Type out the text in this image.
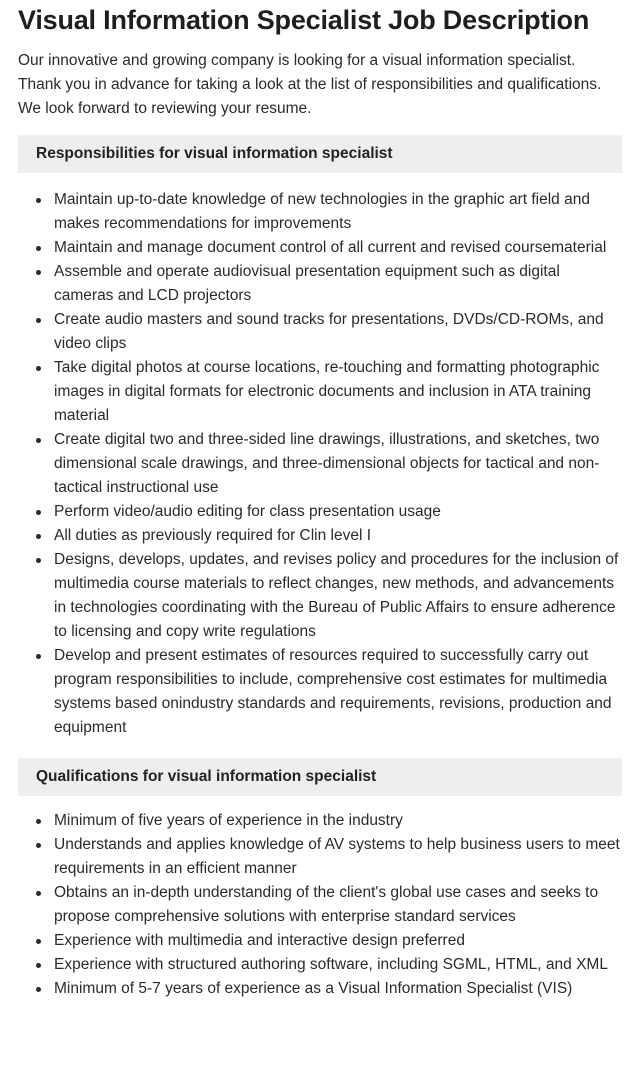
Visual Information Specialist Job Description

Our innovative and growing company is looking for a visual information specialist. Thank you in advance for taking a look at the list of responsibilities and qualifications. We look forward to reviewing your resume.

Responsibilities for visual information specialist
Maintain up-to-date knowledge of new technologies in the graphic art field and makes recommendations for improvements
Maintain and manage document control of all current and revised coursematerial
Assemble and operate audiovisual presentation equipment such as digital cameras and LCD projectors
Create audio masters and sound tracks for presentations, DVDs/CD-ROMs, and video clips
Take digital photos at course locations, re-touching and formatting photographic images in digital formats for electronic documents and inclusion in ATA training material
Create digital two and three-sided line drawings, illustrations, and sketches, two dimensional scale drawings, and three-dimensional objects for tactical and non-tactical instructional use
Perform video/audio editing for class presentation usage
All duties as previously required for Clin level I
Designs, develops, updates, and revises policy and procedures for the inclusion of multimedia course materials to reflect changes, new methods, and advancements in technologies coordinating with the Bureau of Public Affairs to ensure adherence to licensing and copy write regulations
Develop and present estimates of resources required to successfully carry out program responsibilities to include, comprehensive cost estimates for multimedia systems based onindustry standards and requirements, revisions, production and equipment
Qualifications for visual information specialist
Minimum of five years of experience in the industry
Understands and applies knowledge of AV systems to help business users to meet requirements in an efficient manner
Obtains an in-depth understanding of the client's global use cases and seeks to propose comprehensive solutions with enterprise standard services
Experience with multimedia and interactive design preferred
Experience with structured authoring software, including SGML, HTML, and XML
Minimum of 5-7 years of experience as a Visual Information Specialist (VIS)
